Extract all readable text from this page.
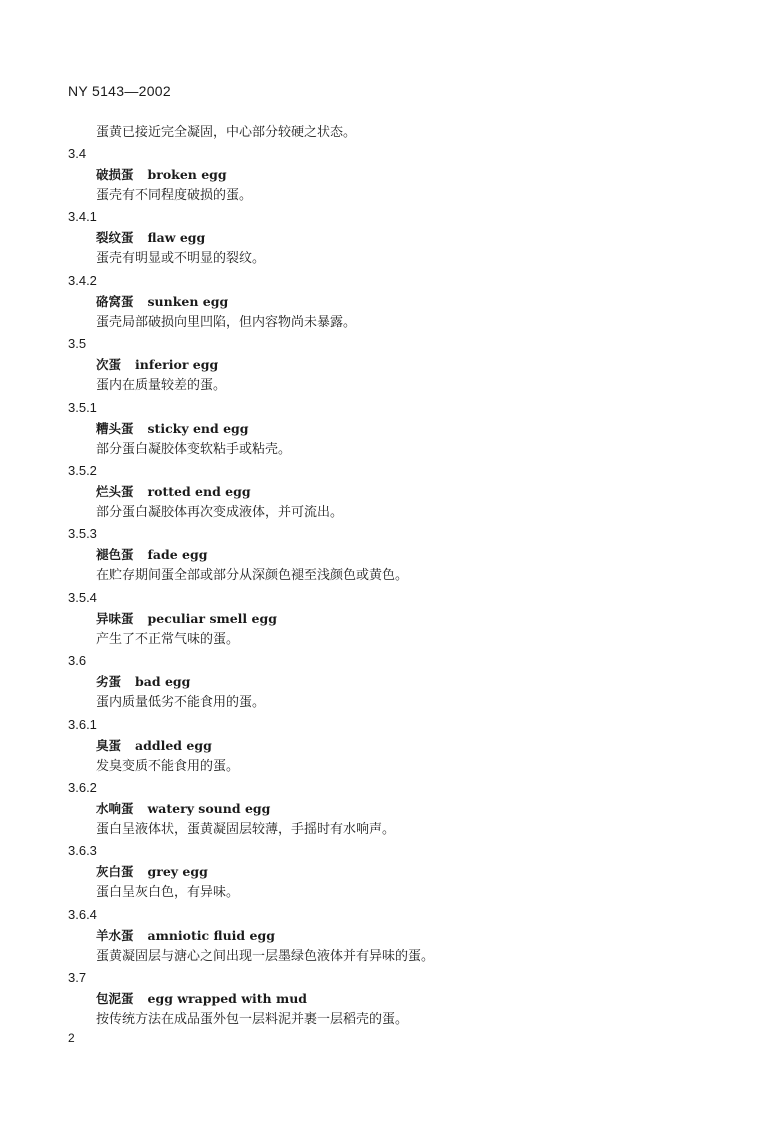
NY 5143—2002
蛋黄已接近完全凝固，中心部分较硬之状态。
3.4
破损蛋 broken egg
蛋壳有不同程度破损的蛋。
3.4.1
裂纹蛋 flaw egg
蛋壳有明显或不明显的裂纹。
3.4.2
硌窝蛋 sunken egg
蛋壳局部破损向里凹陷，但内容物尚未暴露。
3.5
次蛋 inferior egg
蛋内在质量较差的蛋。
3.5.1
糟头蛋 sticky end egg
部分蛋白凝胶体变软粘手或粘壳。
3.5.2
烂头蛋 rotted end egg
部分蛋白凝胶体再次变成液体，并可流出。
3.5.3
褪色蛋 fade egg
在贮存期间蛋全部或部分从深颜色褪至浅颜色或黄色。
3.5.4
异味蛋 peculiar smell egg
产生了不正常气味的蛋。
3.6
劣蛋 bad egg
蛋内质量低劣不能食用的蛋。
3.6.1
臭蛋 addled egg
发臭变质不能食用的蛋。
3.6.2
水响蛋 watery sound egg
蛋白呈液体状，蛋黄凝固层较薄，手摇时有水响声。
3.6.3
灰白蛋 grey egg
蛋白呈灰白色，有异味。
3.6.4
羊水蛋 amniotic fluid egg
蛋黄凝固层与溏心之间出现一层墨绿色液体并有异味的蛋。
3.7
包泥蛋 egg wrapped with mud
按传统方法在成品蛋外包一层料泥并裹一层稻壳的蛋。
2
